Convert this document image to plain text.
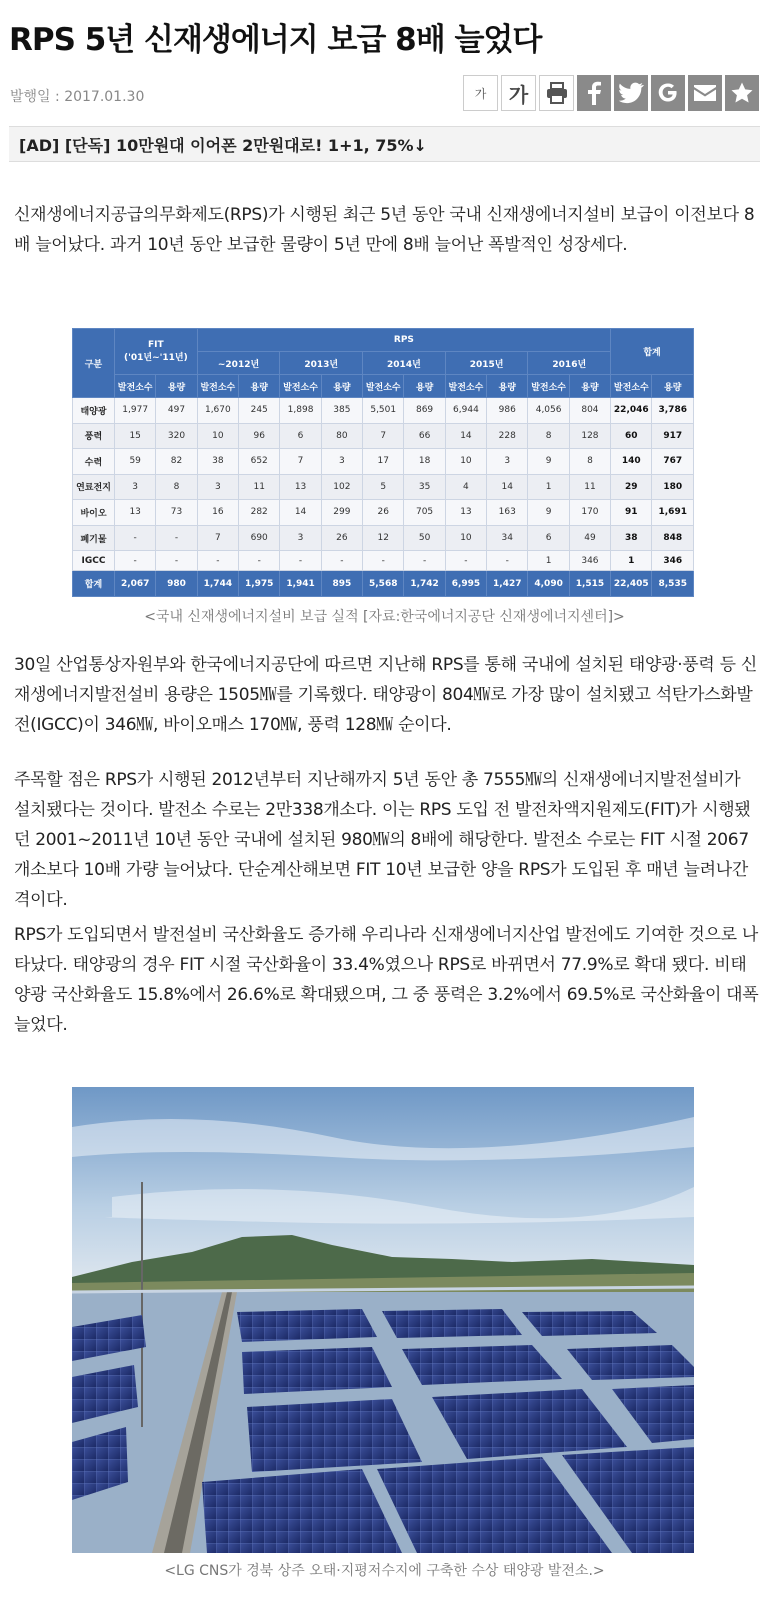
RPS 5년 신재생에너지 보급 8배 늘었다
발행일 : 2017.01.30	가 가
[AD] [단독] 10만원대 이어폰 2만원대로! 1+1, 75%↓

신재생에너지공급의무화제도(RPS)가 시행된 최근 5년 동안 국내 신재생에너지설비 보급이 이전보다 8배 늘어났다. 과거 10년 동안 보급한 물량이 5년 만에 8배 늘어난 폭발적인 성장세다.

구분	FIT
('01년~'11년)		RPS										합계	
			~2012년		2013년		2014년		2015년		2016년			
	발전소수	용량	발전소수	용량	발전소수	용량	발전소수	용량	발전소수	용량	발전소수	용량	발전소수	용량
태양광	1,977	497	1,670	245	1,898	385	5,501	869	6,944	986	4,056	804	22,046	3,786
풍력	15	320	10	96	6	80	7	66	14	228	8	128	60	917
수력	59	82	38	652	7	3	17	18	10	3	9	8	140	767
연료전지	3	8	3	11	13	102	5	35	4	14	1	11	29	180
바이오	13	73	16	282	14	299	26	705	13	163	9	170	91	1,691
폐기물	-	-	7	690	3	26	12	50	10	34	6	49	38	848
IGCC	-	-	-	-	-	-	-	-	-	-	1	346	1	346
합계	2,067	980	1,744	1,975	1,941	895	5,568	1,742	6,995	1,427	4,090	1,515	22,405	8,535
<국내 신재생에너지설비 보급 실적 [자료:한국에너지공단 신재생에너지센터]>

30일 산업통상자원부와 한국에너지공단에 따르면 지난해 RPS를 통해 국내에 설치된 태양광·풍력 등 신재생에너지발전설비 용량은 1505㎿를 기록했다. 태양광이 804㎿로 가장 많이 설치됐고 석탄가스화발전(IGCC)이 346㎿, 바이오매스 170㎿, 풍력 128㎿ 순이다.

주목할 점은 RPS가 시행된 2012년부터 지난해까지 5년 동안 총 7555㎿의 신재생에너지발전설비가 설치됐다는 것이다. 발전소 수로는 2만338개소다. 이는 RPS 도입 전 발전차액지원제도(FIT)가 시행됐던 2001~2011년 10년 동안 국내에 설치된 980㎿의 8배에 해당한다. 발전소 수로는 FIT 시절 2067개소보다 10배 가량 늘어났다. 단순계산해보면 FIT 10년 보급한 양을 RPS가 도입된 후 매년 늘려나간 격이다.

RPS가 도입되면서 발전설비 국산화율도 증가해 우리나라 신재생에너지산업 발전에도 기여한 것으로 나타났다. 태양광의 경우 FIT 시절 국산화율이 33.4%였으나 RPS로 바뀌면서 77.9%로 확대 됐다. 비태양광 국산화율도 15.8%에서 26.6%로 확대됐으며, 그 중 풍력은 3.2%에서 69.5%로 국산화율이 대폭 늘었다.

<LG CNS가 경북 상주 오태·지평저수지에 구축한 수상 태양광 발전소.>
